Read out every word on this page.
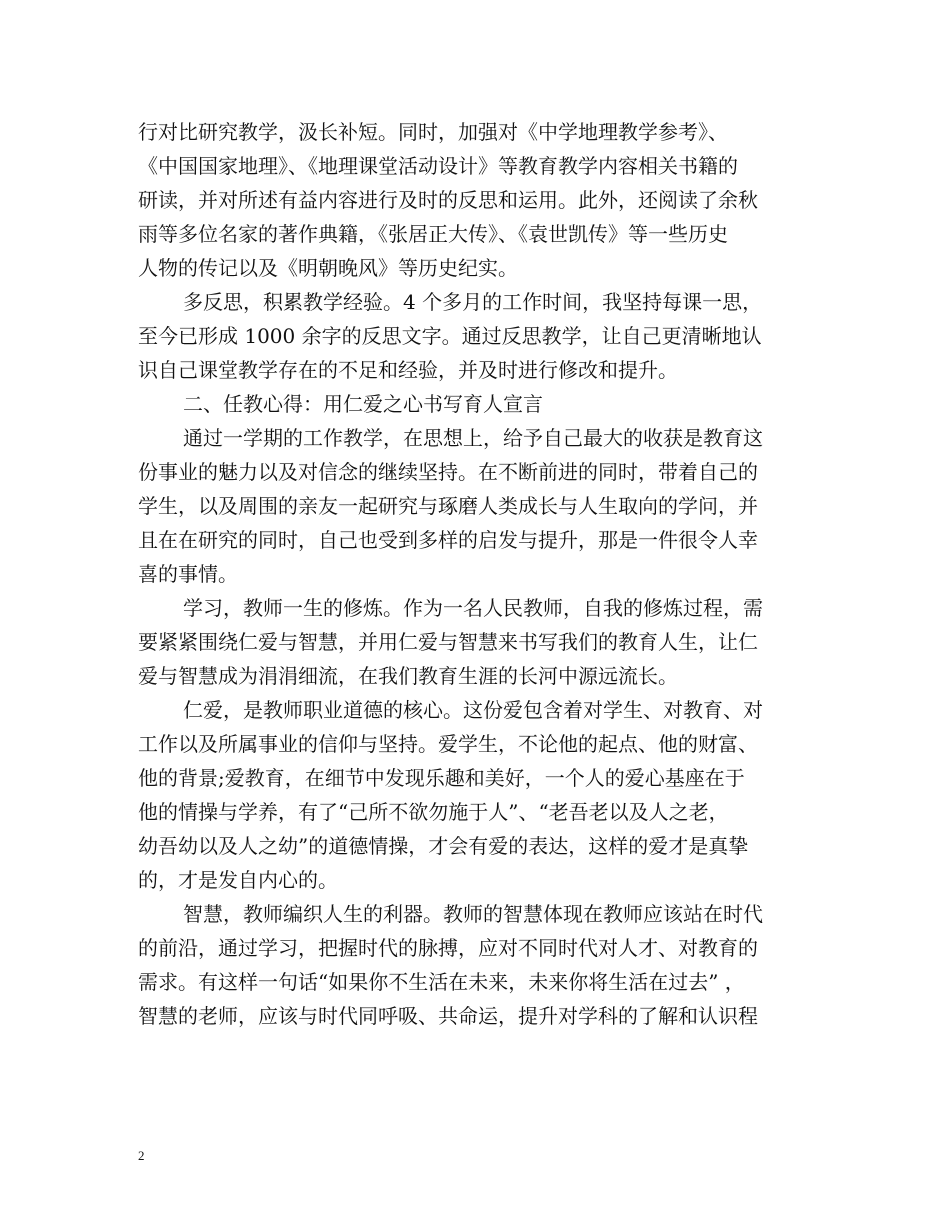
行对比研究教学，汲长补短。同时，加强对《中学地理教学参考》、
《中国国家地理》、《地理课堂活动设计》等教育教学内容相关书籍的
研读，并对所述有益内容进行及时的反思和运用。此外，还阅读了余秋
雨等多位名家的著作典籍，《张居正大传》、《袁世凯传》等一些历史
人物的传记以及《明朝晚风》等历史纪实。
多反思，积累教学经验。4 个多月的工作时间，我坚持每课一思，
至今已形成 1000 余字的反思文字。通过反思教学，让自己更清晰地认
识自己课堂教学存在的不足和经验，并及时进行修改和提升。
二、任教心得：用仁爱之心书写育人宣言
通过一学期的工作教学，在思想上，给予自己最大的收获是教育这
份事业的魅力以及对信念的继续坚持。在不断前进的同时，带着自己的
学生，以及周围的亲友一起研究与琢磨人类成长与人生取向的学问，并
且在在研究的同时，自己也受到多样的启发与提升，那是一件很令人幸
喜的事情。
学习，教师一生的修炼。作为一名人民教师，自我的修炼过程，需
要紧紧围绕仁爱与智慧，并用仁爱与智慧来书写我们的教育人生，让仁
爱与智慧成为涓涓细流，在我们教育生涯的长河中源远流长。
仁爱，是教师职业道德的核心。这份爱包含着对学生、对教育、对
工作以及所属事业的信仰与坚持。爱学生，不论他的起点、他的财富、
他的背景;爱教育，在细节中发现乐趣和美好，一个人的爱心基座在于
他的情操与学养，有了“己所不欲勿施于人”、“老吾老以及人之老，
幼吾幼以及人之幼”的道德情操，才会有爱的表达，这样的爱才是真挚
的，才是发自内心的。
智慧，教师编织人生的利器。教师的智慧体现在教师应该站在时代
的前沿，通过学习，把握时代的脉搏，应对不同时代对人才、对教育的
需求。有这样一句话“如果你不生活在未来，未来你将生活在过去” ，
智慧的老师，应该与时代同呼吸、共命运，提升对学科的了解和认识程
2
